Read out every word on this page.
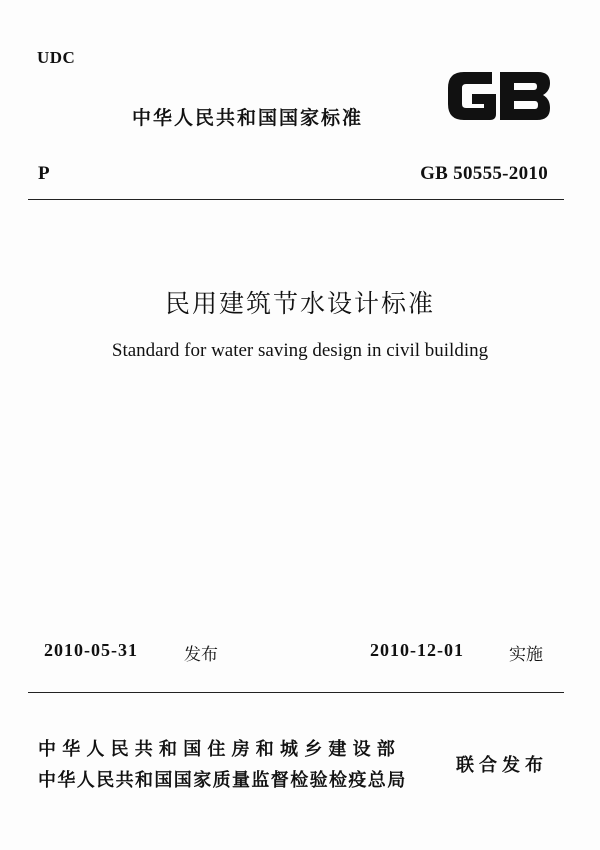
UDC
中华人民共和国国家标准
P	GB 50555-2010
民用建筑节水设计标准
Standard for water saving design in civil building
2010-05-31	发布	2010-12-01	实施
中华人民共和国住房和城乡建设部
中华人民共和国国家质量监督检验检疫总局
联合发布
